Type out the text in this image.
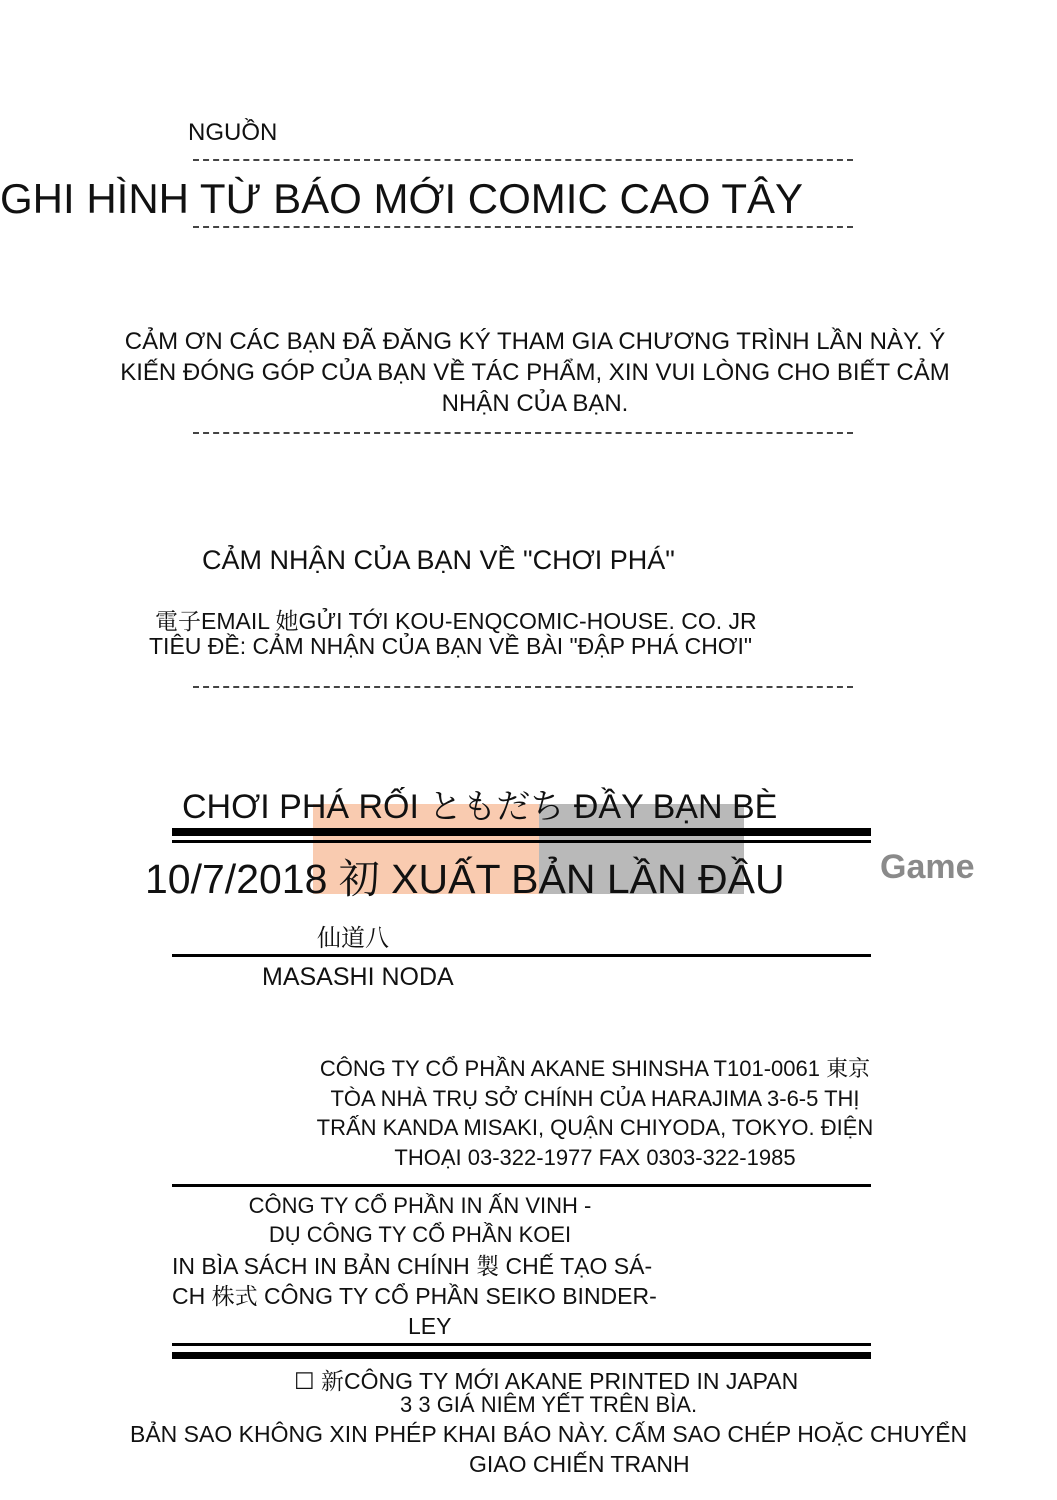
NGUỒN
GHI HÌNH TỪ BÁO MỚI COMIC CAO TÂY
CẢM ƠN CÁC BẠN ĐÃ ĐĂNG KÝ THAM GIA CHƯƠNG TRÌNH LẦN NÀY. Ý
KIẾN ĐÓNG GÓP CỦA BẠN VỀ TÁC PHẨM, XIN VUI LÒNG CHO BIẾT CẢM
NHẬN CỦA BẠN.
CẢM NHẬN CỦA BẠN VỀ "CHƠI PHÁ"
電子EMAIL 她GỬI TỚI KOU-ENQCOMIC-HOUSE. CO. JR
TIÊU ĐỀ: CẢM NHẬN CỦA BẠN VỀ BÀI "ĐẬP PHÁ CHƠI"
Game
CHƠI PHÁ RỐI ともだち ĐẦY BẠN BÈ
10/7/2018 初 XUẤT BẢN LẦN ĐẦU
仙道八
MASASHI NODA
CÔNG TY CỔ PHẦN AKANE SHINSHA T101-0061 東京
TÒA NHÀ TRỤ SỞ CHÍNH CỦA HARAJIMA 3-6-5 THỊ
TRẤN KANDA MISAKI, QUẬN CHIYODA, TOKYO. ĐIỆN
THOẠI 03-322-1977 FAX 0303-322-1985
CÔNG TY CỔ PHẦN IN ẤN VINH -
DỤ CÔNG TY CỔ PHẦN KOEI
IN BÌA SÁCH IN BẢN CHÍNH 製 CHẾ TẠO SÁ-
CH 株式 CÔNG TY CỔ PHẦN SEIKO BINDER-
LEY
☐ 新CÔNG TY MỚI AKANE PRINTED IN JAPAN
3 3 GIÁ NIÊM YẾT TRÊN BÌA.
BẢN SAO KHÔNG XIN PHÉP KHAI BÁO NÀY. CẤM SAO CHÉP HOẶC CHUYỂN
GIAO CHIẾN TRANH
